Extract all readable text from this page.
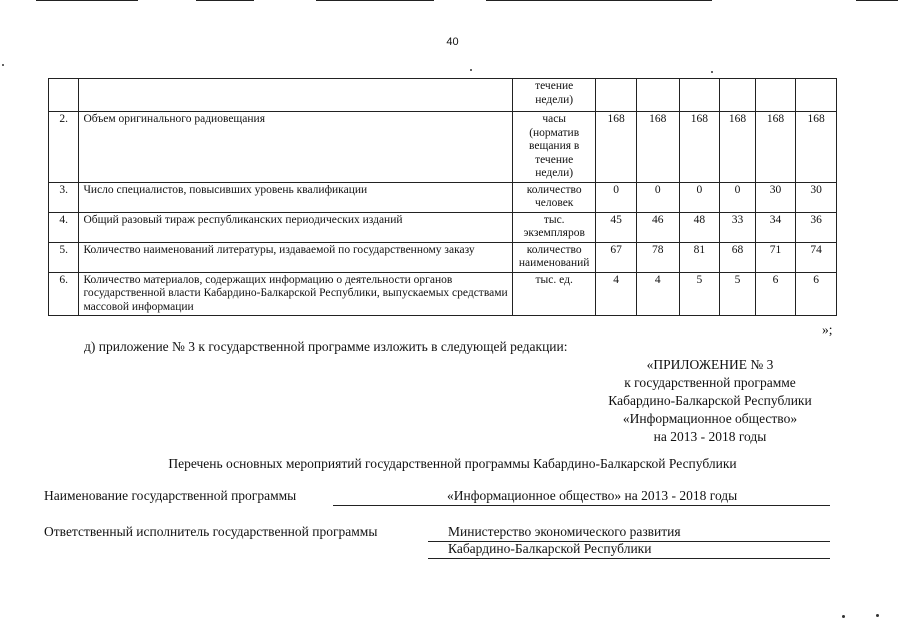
40
		течение недели)						
2.	Объем оригинального радиовещания	часы (норматив вещания в течение недели)	168	168	168	168	168	168
3.	Число специалистов, повысивших уровень квалификации	количество человек	0	0	0	0	30	30
4.	Общий разовый тираж республиканских периодических изданий	тыс. экземпляров	45	46	48	33	34	36
5.	Количество наименований литературы, издаваемой по государственному заказу	количество наименований	67	78	81	68	71	74
6.	Количество материалов, содержащих информацию о деятельности органов государственной власти Кабардино-Балкарской Республики, выпускаемых средствами массовой информации	тыс. ед.	4	4	5	5	6	6
»;
д) приложение № 3 к государственной программе изложить в следующей редакции:
«ПРИЛОЖЕНИЕ № 3
к государственной программе
Кабардино-Балкарской Республики
«Информационное общество»
на 2013 - 2018 годы
Перечень основных мероприятий государственной программы Кабардино-Балкарской Республики
Наименование государственной программы	«Информационное общество» на 2013 - 2018 годы
Ответственный исполнитель государственной программы	Министерство экономического развития
Кабардино-Балкарской Республики
